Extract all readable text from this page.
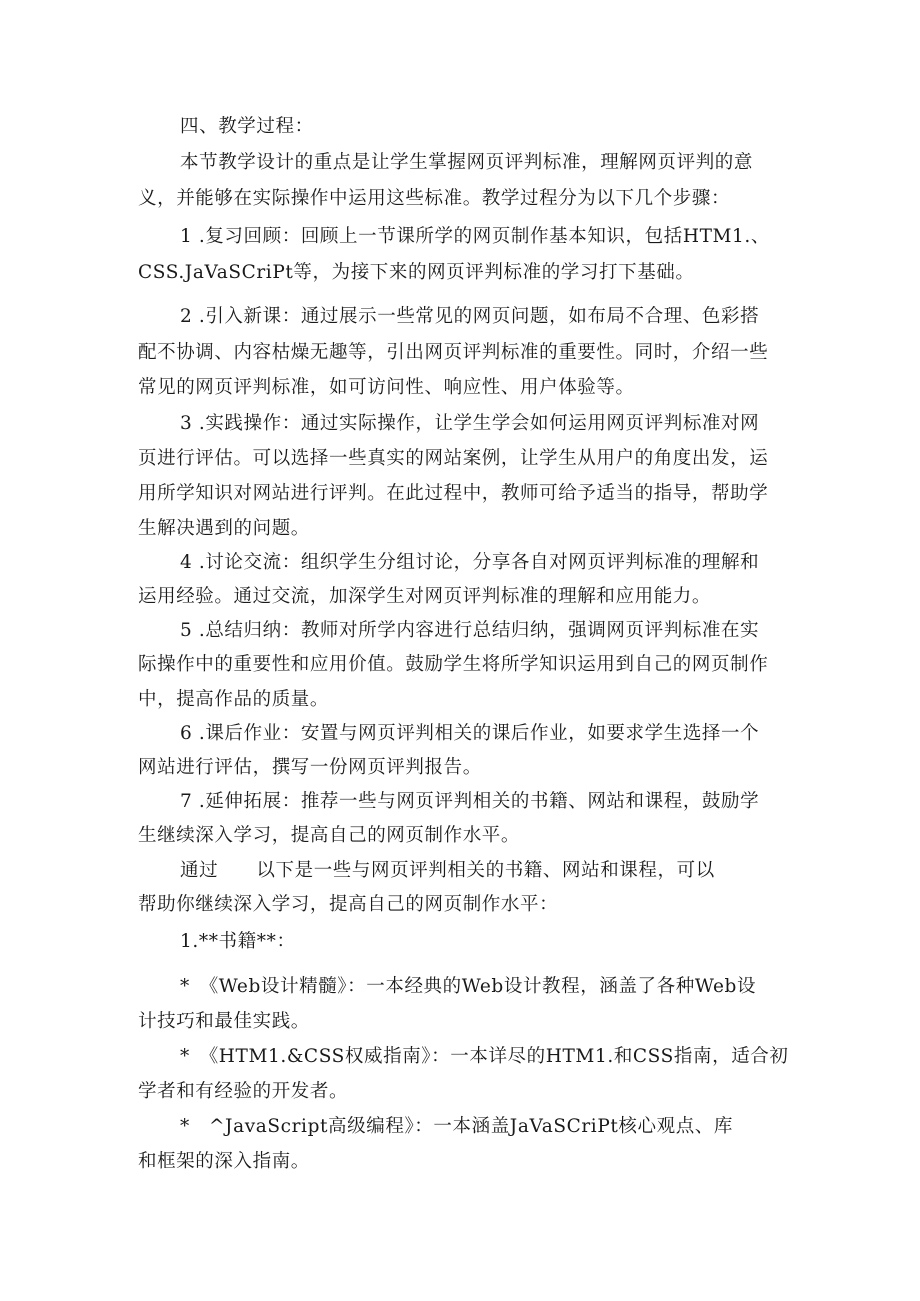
四、教学过程：
本节教学设计的重点是让学生掌握网页评判标准，理解网页评判的意
义，并能够在实际操作中运用这些标准。教学过程分为以下几个步骤：
1 .复习回顾：回顾上一节课所学的网页制作基本知识，包括HTM1.、
CSS.JaVaSCriPt等，为接下来的网页评判标准的学习打下基础。
2 .引入新课：通过展示一些常见的网页问题，如布局不合理、色彩搭
配不协调、内容枯燥无趣等，引出网页评判标准的重要性。同时，介绍一些
常见的网页评判标准，如可访问性、响应性、用户体验等。
3 .实践操作：通过实际操作，让学生学会如何运用网页评判标准对网
页进行评估。可以选择一些真实的网站案例，让学生从用户的角度出发，运
用所学知识对网站进行评判。在此过程中，教师可给予适当的指导，帮助学
生解决遇到的问题。
4 .讨论交流：组织学生分组讨论，分享各自对网页评判标准的理解和
运用经验。通过交流，加深学生对网页评判标准的理解和应用能力。
5 .总结归纳：教师对所学内容进行总结归纳，强调网页评判标准在实
际操作中的重要性和应用价值。鼓励学生将所学知识运用到自己的网页制作
中，提高作品的质量。
6 .课后作业：安置与网页评判相关的课后作业，如要求学生选择一个
网站进行评估，撰写一份网页评判报告。
7 .延伸拓展：推荐一些与网页评判相关的书籍、网站和课程，鼓励学
生继续深入学习，提高自己的网页制作水平。
通过　　以下是一些与网页评判相关的书籍、网站和课程，可以
帮助你继续深入学习，提高自己的网页制作水平：
1.**书籍**：
*　《Web设计精髓》：一本经典的Web设计教程，涵盖了各种Web设
计技巧和最佳实践。
*　《HTM1.&CSS权威指南》：一本详尽的HTM1.和CSS指南，适合初
学者和有经验的开发者。
*　^JavaScript高级编程》：一本涵盖JaVaSCriPt核心观点、库
和框架的深入指南。
